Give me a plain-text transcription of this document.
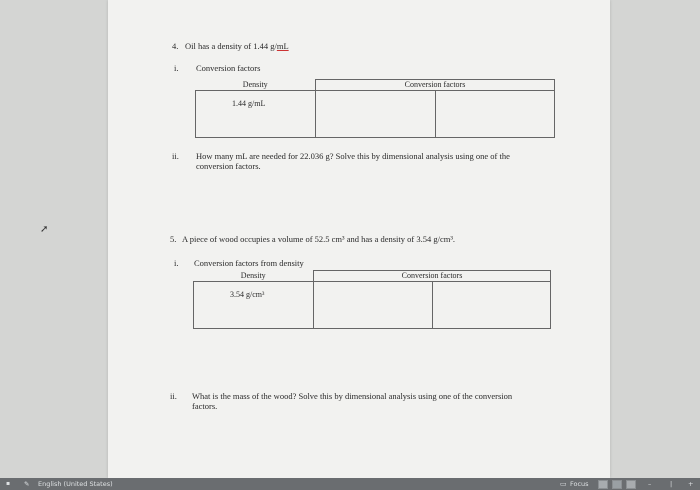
4. Oil has a density of 1.44 g/mL
i. Conversion factors
Density	Conversion factors	

1.44 g/mL		

ii. How many mL are needed for 22.036 g? Solve this by dimensional analysis using one of the conversion factors.
5. A piece of wood occupies a volume of 52.5 cm³ and has a density of 3.54 g/cm³.
i. Conversion factors from density
Density	Conversion factors	

3.54 g/cm³		

ii. What is the mass of the wood? Solve this by dimensional analysis using one of the conversion factors.
➚
▪ ✎ English (United States)	▭ Focus	–	| +
